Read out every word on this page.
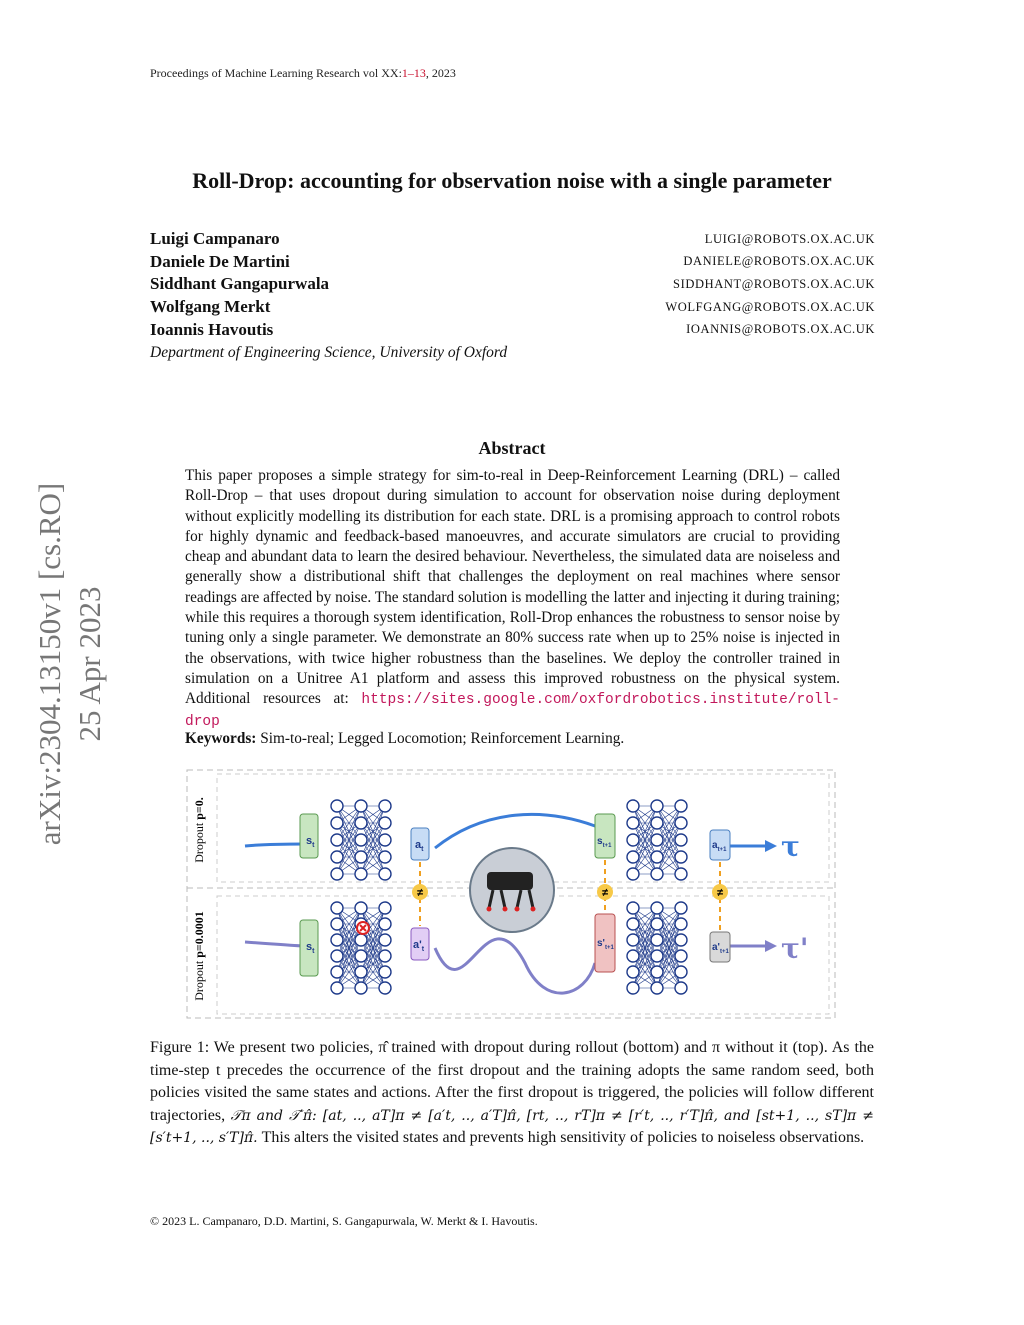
Proceedings of Machine Learning Research vol XX:1–13, 2023
Roll-Drop: accounting for observation noise with a single parameter
Luigi Campanaro	LUIGI@ROBOTS.OX.AC.UK
Daniele De Martini	DANIELE@ROBOTS.OX.AC.UK
Siddhant Gangapurwala	SIDDHANT@ROBOTS.OX.AC.UK
Wolfgang Merkt	WOLFGANG@ROBOTS.OX.AC.UK
Ioannis Havoutis	IOANNIS@ROBOTS.OX.AC.UK
Department of Engineering Science, University of Oxford
arXiv:2304.13150v1 [cs.RO] 25 Apr 2023
Abstract
This paper proposes a simple strategy for sim-to-real in Deep-Reinforcement Learning (DRL) – called Roll-Drop – that uses dropout during simulation to account for observation noise during deployment without explicitly modelling its distribution for each state. DRL is a promising approach to control robots for highly dynamic and feedback-based manoeuvres, and accurate simulators are crucial to providing cheap and abundant data to learn the desired behaviour. Nevertheless, the simulated data are noiseless and generally show a distributional shift that challenges the deployment on real machines where sensor readings are affected by noise. The standard solution is modelling the latter and injecting it during training; while this requires a thorough system identification, Roll-Drop enhances the robustness to sensor noise by tuning only a single parameter. We demonstrate an 80% success rate when up to 25% noise is injected in the observations, with twice higher robustness than the baselines. We deploy the controller trained in simulation on a Unitree A1 platform and assess this improved robustness on the physical system. Additional resources at: https://sites.google.com/oxfordrobotics.institute/roll-drop
Keywords: Sim-to-real; Legged Locomotion; Reinforcement Learning.
Dropout p=0.
Dropout p=0.0001
$s_t$	$a_t$
$s_{t+1}$	$a_{t+1}$ τ
$s_t$
$a'_t$
$s'_{t+1}$	$a'_{t+1}$ τ'
≠	≠	≠
Figure 1: We present two policies, π̂ trained with dropout during rollout (bottom) and π without it (top). As the time-step t precedes the occurrence of the first dropout and the training adopts the same random seed, both policies visited the same states and actions. After the first dropout is triggered, the policies will follow different trajectories, 𝒯π and 𝒯′π̂: [at, .., aT]π ≠ [a′t, .., a′T]π̂, [rt, .., rT]π ≠ [r′t, .., r′T]π̂, and [st+1, .., sT]π ≠ [s′t+1, .., s′T]π̂. This alters the visited states and prevents high sensitivity of policies to noiseless observations.
© 2023 L. Campanaro, D.D. Martini, S. Gangapurwala, W. Merkt & I. Havoutis.
